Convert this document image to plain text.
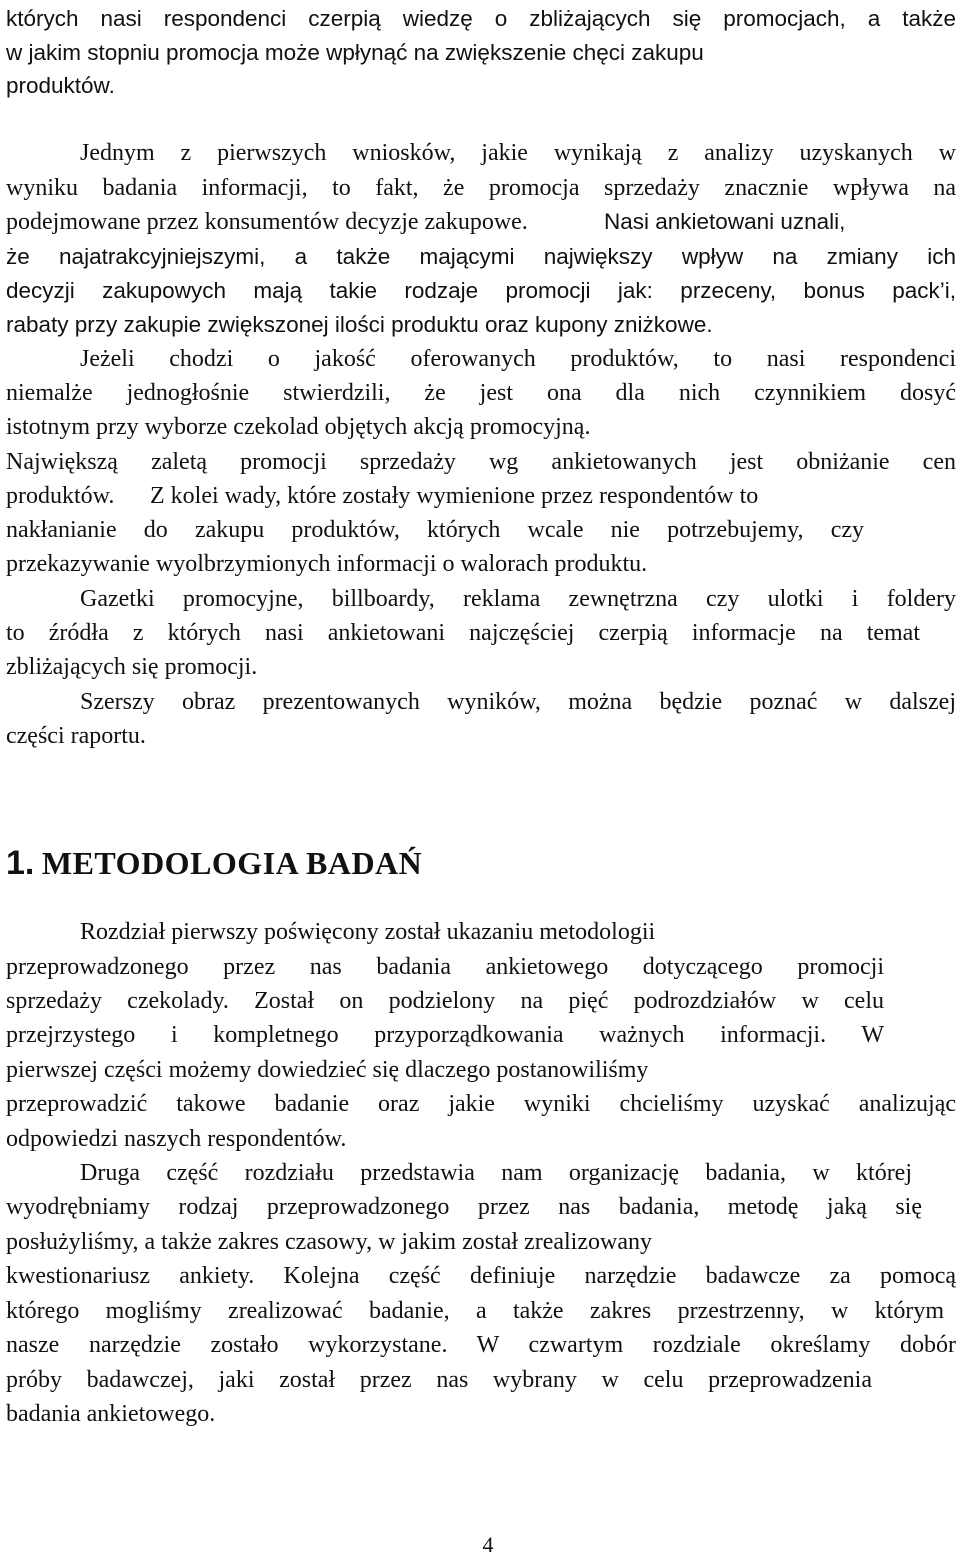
których nasi respondenci czerpią wiedzę o zbliżających się promocjach, a także
w jakim stopniu promocja może wpłynąć na zwiększenie chęci zakupu
produktów.
Jednym z pierwszych wniosków, jakie wynikają z analizy uzyskanych w
wyniku badania informacji, to fakt, że promocja sprzedaży znacznie wpływa na
podejmowane przez konsumentów decyzje zakupowe.	Nasi ankietowani uznali,
że najatrakcyjniejszymi, a także mającymi największy wpływ na zmiany ich
decyzji zakupowych mają takie rodzaje promocji jak: przeceny, bonus pack’i,
rabaty przy zakupie zwiększonej ilości produktu oraz kupony zniżkowe.
Jeżeli chodzi o jakość oferowanych produktów, to nasi respondenci
niemalże jednogłośnie stwierdzili, że jest ona dla nich czynnikiem dosyć
istotnym przy wyborze czekolad objętych akcją promocyjną.
Największą zaletą promocji sprzedaży wg ankietowanych jest obniżanie cen
produktów.	Z kolei wady, które zostały wymienione przez respondentów to
nakłanianie do zakupu produktów, których wcale nie potrzebujemy, czy
przekazywanie wyolbrzymionych informacji o walorach produktu.
Gazetki promocyjne, billboardy, reklama zewnętrzna czy ulotki i foldery
to źródła z których nasi ankietowani najczęściej czerpią informacje na temat
zbliżających się promocji.
Szerszy obraz prezentowanych wyników, można będzie poznać w dalszej
części raportu.
1. METODOLOGIA BADAŃ
Rozdział pierwszy poświęcony został ukazaniu metodologii
przeprowadzonego przez nas badania ankietowego dotyczącego promocji
sprzedaży czekolady. Został on podzielony na pięć podrozdziałów w celu
przejrzystego i kompletnego przyporządkowania ważnych informacji. W
pierwszej części możemy dowiedzieć się dlaczego postanowiliśmy
przeprowadzić takowe badanie oraz jakie wyniki chcieliśmy uzyskać analizując
odpowiedzi naszych respondentów.
Druga część rozdziału przedstawia nam organizację badania, w której
wyodrębniamy rodzaj przeprowadzonego przez nas badania, metodę jaką się
posłużyliśmy, a także zakres czasowy, w jakim został zrealizowany
kwestionariusz ankiety. Kolejna część definiuje narzędzie badawcze za pomocą
którego mogliśmy zrealizować badanie, a także zakres przestrzenny, w którym
nasze narzędzie zostało wykorzystane. W czwartym rozdziale określamy dobór
próby badawczej, jaki został przez nas wybrany w celu przeprowadzenia
badania ankietowego.
4
